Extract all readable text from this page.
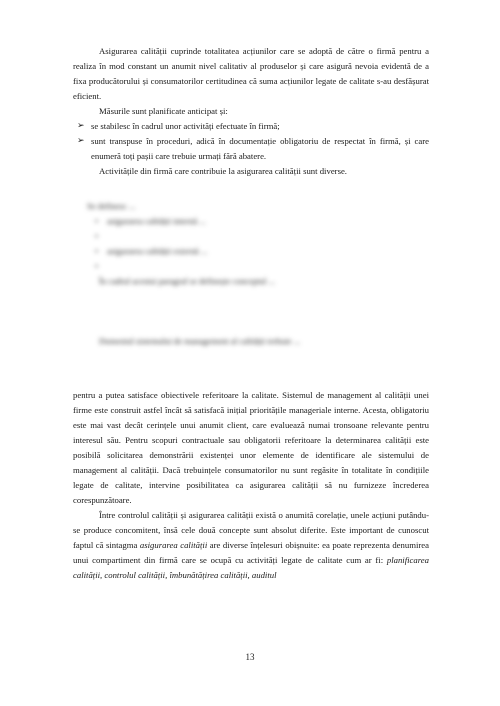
Asigurarea calității cuprinde totalitatea acțiunilor care se adoptă de către o firmă pentru a realiza în mod constant un anumit nivel calitativ al produselor și care asigură nevoia evidentă de a fixa producătorului și consumatorilor certitudinea că suma acțiunilor legate de calitate s-au desfășurat eficient.

Măsurile sunt planificate anticipat și:

➢ se stabilesc în cadrul unor activități efectuate în firmă;
➢ sunt transpuse în proceduri, adică în documentație obligatoriu de respectat în firmă, și care enumeră toți pașii care trebuie urmați fără abatere.

Activitățile din firmă care contribuie la asigurarea calității sunt diverse.

Se definesc ...

• asigurarea calității internă ...

•

• asigurarea calității externă ...

•

În cadrul acestui paragraf se definește conceptul ...

Domeniul sistemului de management al calității trebuie ...

pentru a putea satisface obiectivele referitoare la calitate. Sistemul de management al calității unei firme este construit astfel încât să satisfacă inițial prioritățile manageriale interne. Acesta, obligatoriu este mai vast decât cerințele unui anumit client, care evaluează numai tronsoane relevante pentru interesul său. Pentru scopuri contractuale sau obligatorii referitoare la determinarea calității este posibilă solicitarea demonstrării existenței unor elemente de identificare ale sistemului de management al calității. Dacă trebuințele consumatorilor nu sunt regăsite în totalitate în condițiile legate de calitate, intervine posibilitatea ca asigurarea calității să nu furnizeze încrederea corespunzătoare.

Între controlul calității și asigurarea calității există o anumită corelație, unele acțiuni putându-se produce concomitent, însă cele două concepte sunt absolut diferite. Este important de cunoscut faptul că sintagma asigurarea calității are diverse înțelesuri obișnuite: ea poate reprezenta denumirea unui compartiment din firmă care se ocupă cu activități legate de calitate cum ar fi: planificarea calității, controlul calității, îmbunătățirea calității, auditul

13
